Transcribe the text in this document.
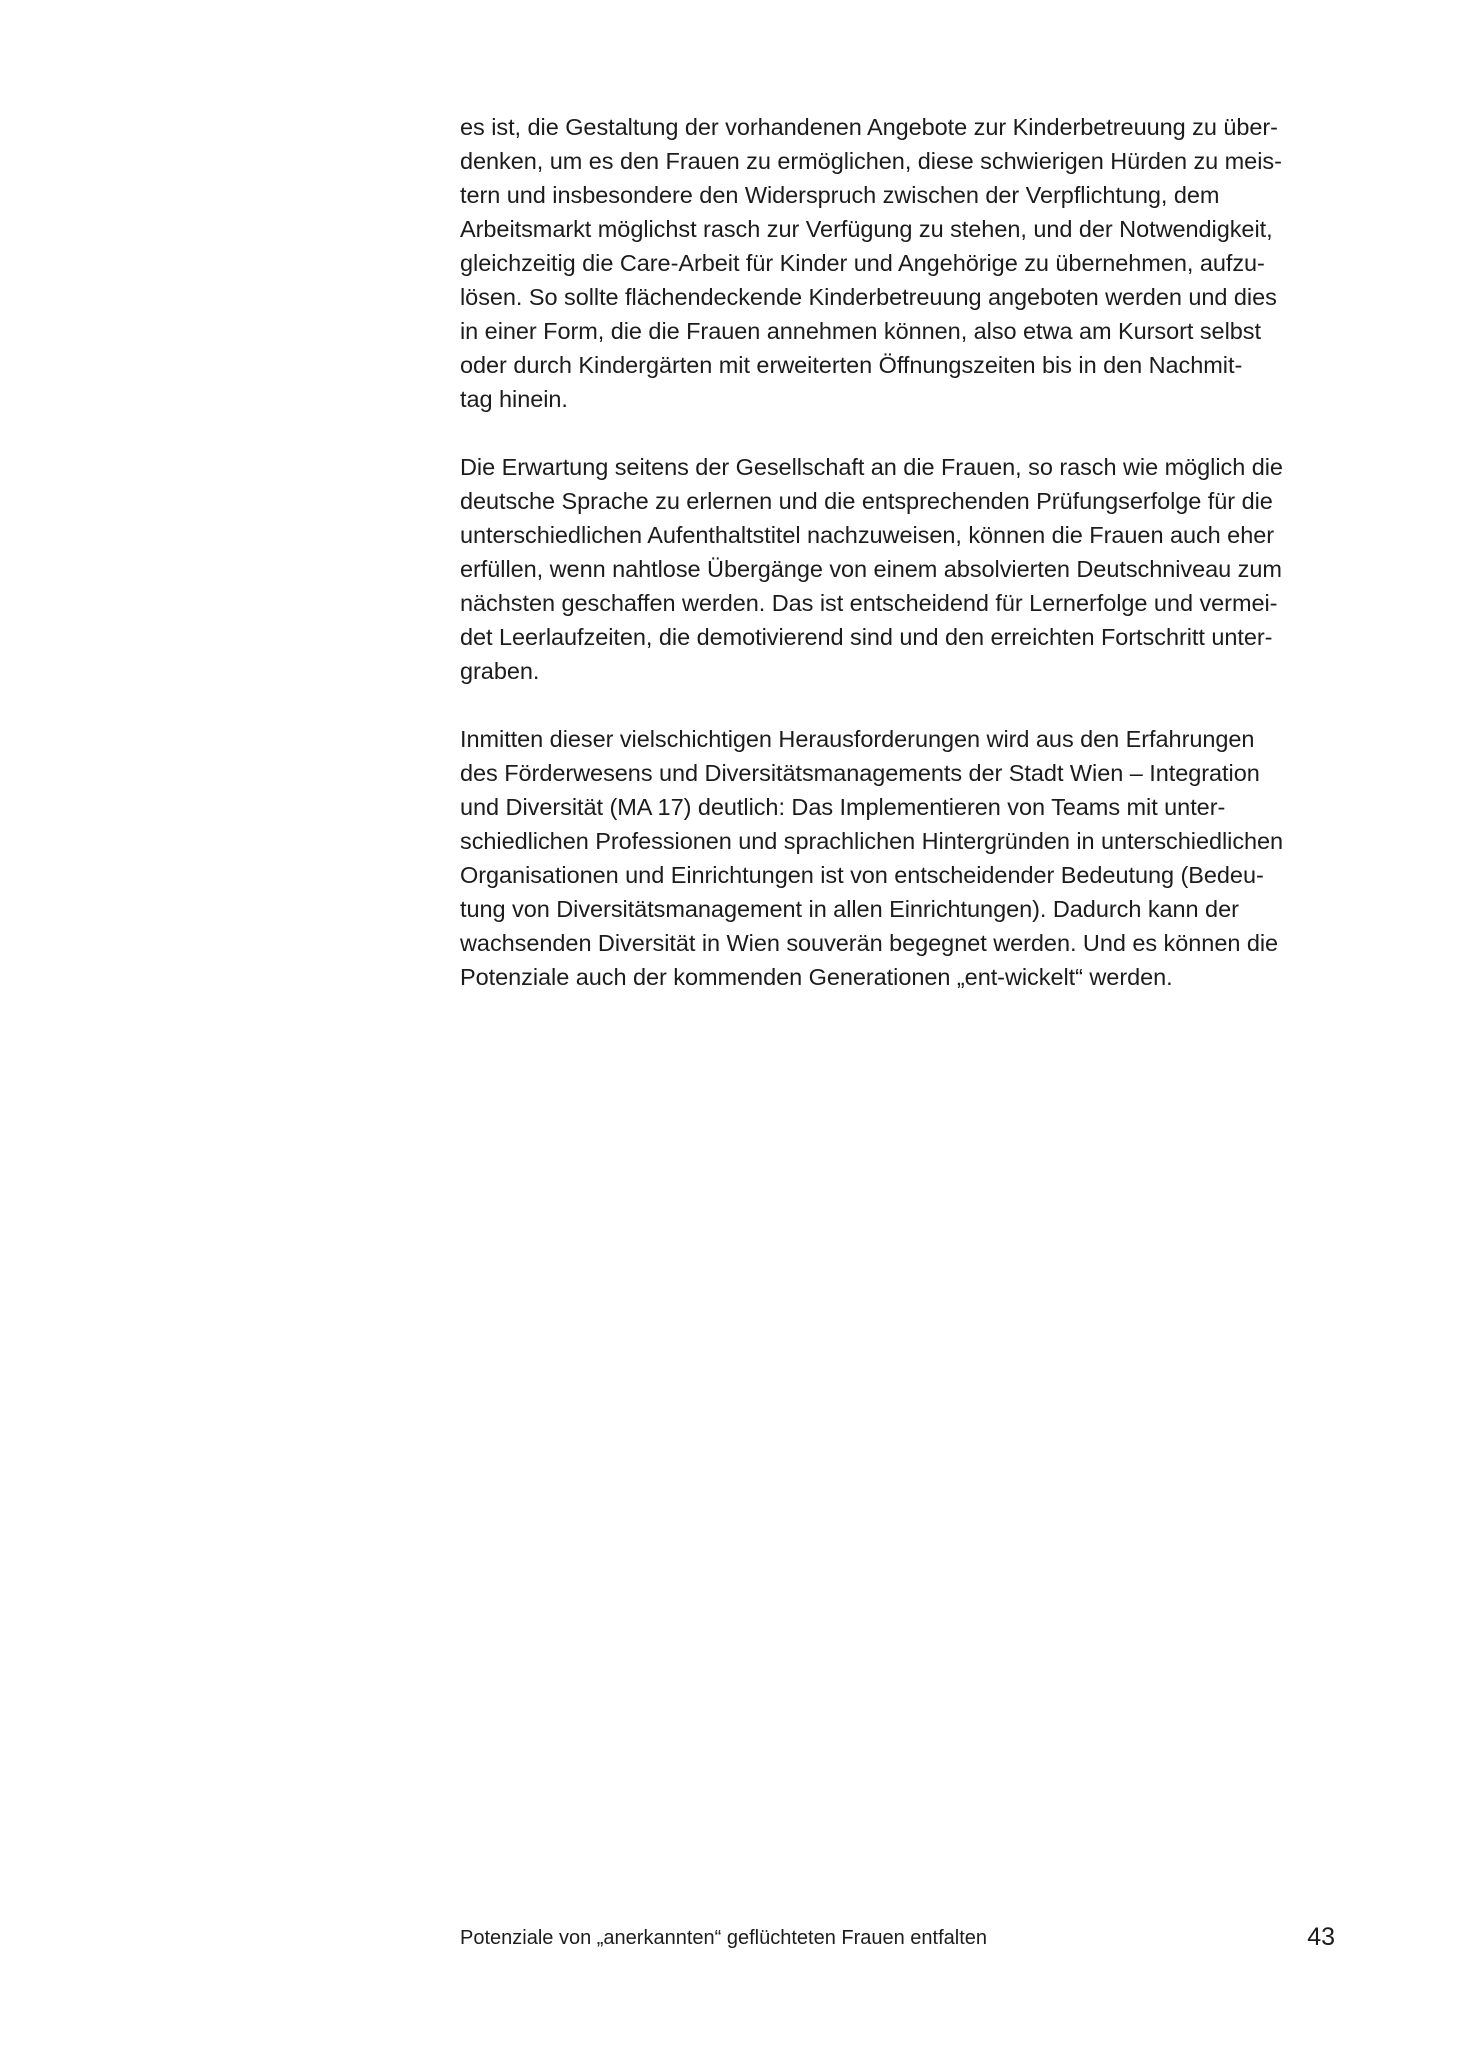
es ist, die Gestaltung der vorhandenen Angebote zur Kinderbetreuung zu über-
denken, um es den Frauen zu ermöglichen, diese schwierigen Hürden zu meis-
tern und insbesondere den Widerspruch zwischen der Verpflichtung, dem
Arbeitsmarkt möglichst rasch zur Verfügung zu stehen, und der Notwendigkeit,
gleichzeitig die Care-Arbeit für Kinder und Angehörige zu übernehmen, aufzu-
lösen. So sollte flächendeckende Kinderbetreuung angeboten werden und dies
in einer Form, die die Frauen annehmen können, also etwa am Kursort selbst
oder durch Kindergärten mit erweiterten Öffnungszeiten bis in den Nachmit-
tag hinein.

Die Erwartung seitens der Gesellschaft an die Frauen, so rasch wie möglich die
deutsche Sprache zu erlernen und die entsprechenden Prüfungserfolge für die
unterschiedlichen Aufenthaltstitel nachzuweisen, können die Frauen auch eher
erfüllen, wenn nahtlose Übergänge von einem absolvierten Deutschniveau zum
nächsten geschaffen werden. Das ist entscheidend für Lernerfolge und vermei-
det Leerlaufzeiten, die demotivierend sind und den erreichten Fortschritt unter-
graben.

Inmitten dieser vielschichtigen Herausforderungen wird aus den Erfahrungen
des Förderwesens und Diversitätsmanagements der Stadt Wien – Integration
und Diversität (MA 17) deutlich: Das Implementieren von Teams mit unter-
schiedlichen Professionen und sprachlichen Hintergründen in unterschiedlichen
Organisationen und Einrichtungen ist von entscheidender Bedeutung (Bedeu-
tung von Diversitätsmanagement in allen Einrichtungen). Dadurch kann der
wachsenden Diversität in Wien souverän begegnet werden. Und es können die
Potenziale auch der kommenden Generationen „ent-wickelt“ werden.

Potenziale von „anerkannten“ geflüchteten Frauen entfalten	43
